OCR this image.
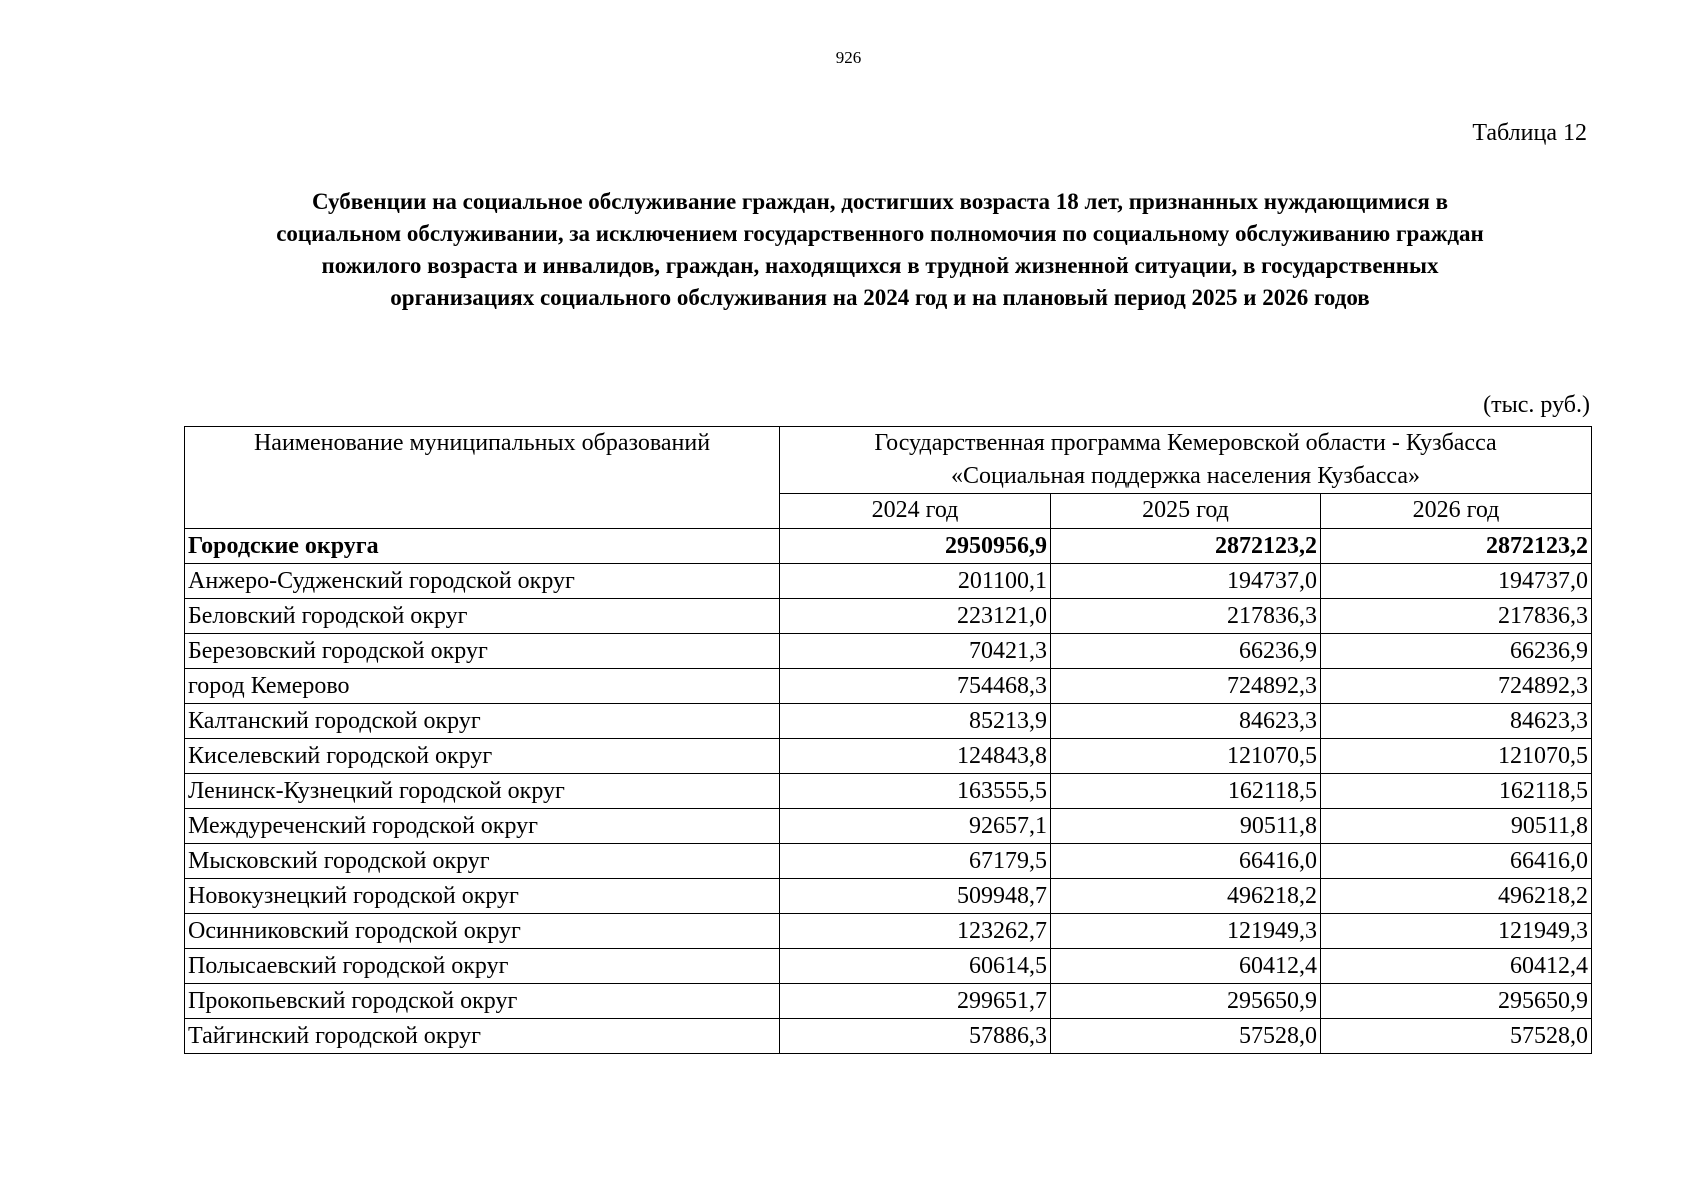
926
Таблица 12
Субвенции на социальное обслуживание граждан, достигших возраста 18 лет, признанных нуждающимися в
социальном обслуживании, за исключением государственного полномочия по социальному обслуживанию граждан
пожилого возраста и инвалидов, граждан, находящихся в трудной жизненной ситуации, в государственных
организациях социального обслуживания на 2024 год и на плановый период 2025 и 2026 годов
(тыс. руб.)
Наименование муниципальных образований	Государственная программа Кемеровской области - Кузбасса
«Социальная поддержка населения Кузбасса»		

	2024 год	2025 год	2026 год
Городские округа	2950956,9	2872123,2	2872123,2
Анжеро-Судженский городской округ	201100,1	194737,0	194737,0
Беловский городской округ	223121,0	217836,3	217836,3
Березовский городской округ	70421,3	66236,9	66236,9
город Кемерово	754468,3	724892,3	724892,3
Калтанский городской округ	85213,9	84623,3	84623,3
Киселевский городской округ	124843,8	121070,5	121070,5
Ленинск-Кузнецкий городской округ	163555,5	162118,5	162118,5
Междуреченский городской округ	92657,1	90511,8	90511,8
Мысковский городской округ	67179,5	66416,0	66416,0
Новокузнецкий городской округ	509948,7	496218,2	496218,2
Осинниковский городской округ	123262,7	121949,3	121949,3
Полысаевский городской округ	60614,5	60412,4	60412,4
Прокопьевский городской округ	299651,7	295650,9	295650,9
Тайгинский городской округ	57886,3	57528,0	57528,0
